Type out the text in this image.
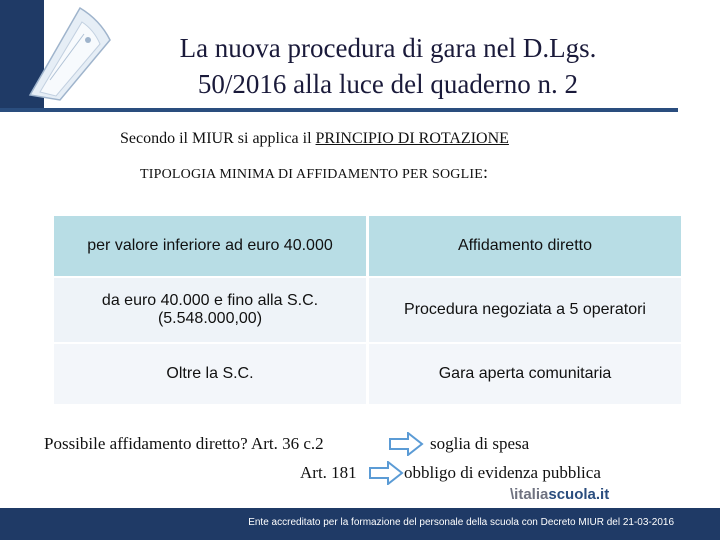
La nuova procedura di gara nel D.Lgs.
50/2016 alla luce del quaderno n. 2
Secondo il MIUR si applica il PRINCIPIO DI ROTAZIONE
TIPOLOGIA MINIMA DI AFFIDAMENTO PER SOGLIE:
per valore inferiore ad euro 40.000	Affidamento diretto
da euro 40.000 e fino alla S.C. (5.548.000,00)	Procedura negoziata a 5 operatori
Oltre la S.C.	Gara aperta comunitaria
Possibile affidamento diretto? Art. 36 c.2	soglia di spesa
Art. 181	obbligo di evidenza pubblica
\italiascuola.it
Ente accreditato per la formazione del personale della scuola con Decreto MIUR del 21-03-2016
